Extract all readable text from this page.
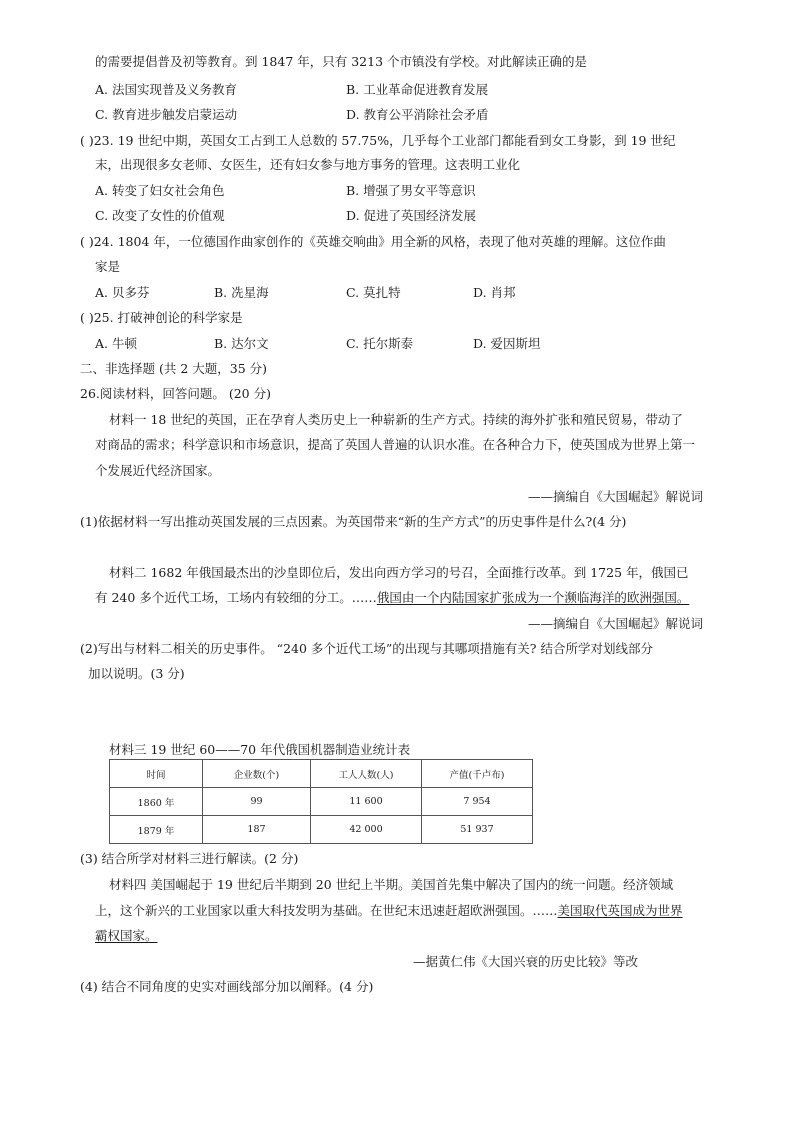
的需要提倡普及初等教育。到 1847 年，只有 3213 个市镇没有学校。对此解读正确的是
A. 法国实现普及义务教育	B. 工业革命促进教育发展
C. 教育进步触发启蒙运动	D. 教育公平消除社会矛盾
( )23. 19 世纪中期，英国女工占到工人总数的 57.75%，几乎每个工业部门都能看到女工身影，到 19 世纪
末，出现很多女老师、女医生，还有妇女参与地方事务的管理。这表明工业化
A. 转变了妇女社会角色	B. 增强了男女平等意识
C. 改变了女性的价值观	D. 促进了英国经济发展
( )24. 1804 年，一位德国作曲家创作的《英雄交响曲》用全新的风格，表现了他对英雄的理解。这位作曲
家是
A. 贝多芬	B. 冼星海	C. 莫扎特	D. 肖邦
( )25. 打破神创论的科学家是
A. 牛顿	B. 达尔文	C. 托尔斯泰	D. 爱因斯坦
二、非选择题 (共 2 大题，35 分)
26.阅读材料，回答问题。 (20 分)
材料一 18 世纪的英国，正在孕育人类历史上一种崭新的生产方式。持续的海外扩张和殖民贸易，带动了
对商品的需求；科学意识和市场意识，提高了英国人普遍的认识水准。在各种合力下，使英国成为世界上第一
个发展近代经济国家。
——摘编自《大国崛起》解说词
(1)依据材料一写出推动英国发展的三点因素。为英国带来“新的生产方式”的历史事件是什么?(4 分)
材料二 1682 年俄国最杰出的沙皇即位后，发出向西方学习的号召，全面推行改革。到 1725 年，俄国已
有 240 多个近代工场，工场内有较细的分工。……俄国由一个内陆国家扩张成为一个濒临海洋的欧洲强国。
——摘编自《大国崛起》解说词
(2)写出与材料二相关的历史事件。 “240 多个近代工场”的出现与其哪项措施有关? 结合所学对划线部分
加以说明。(3 分)
材料三 19 世纪 60——70 年代俄国机器制造业统计表
时间	企业数(个)	工人人数(人)	产值(千卢布)
1860 年	99	11 600	7 954
1879 年	187	42 000	51 937
(3) 结合所学对材料三进行解读。(2 分)
材料四 美国崛起于 19 世纪后半期到 20 世纪上半期。美国首先集中解决了国内的统一问题。经济领域
上，这个新兴的工业国家以重大科技发明为基础。在世纪末迅速赶超欧洲强国。……美国取代英国成为世界
霸权国家。
—据黄仁伟《大国兴衰的历史比较》等改
(4) 结合不同角度的史实对画线部分加以阐释。(4 分)
